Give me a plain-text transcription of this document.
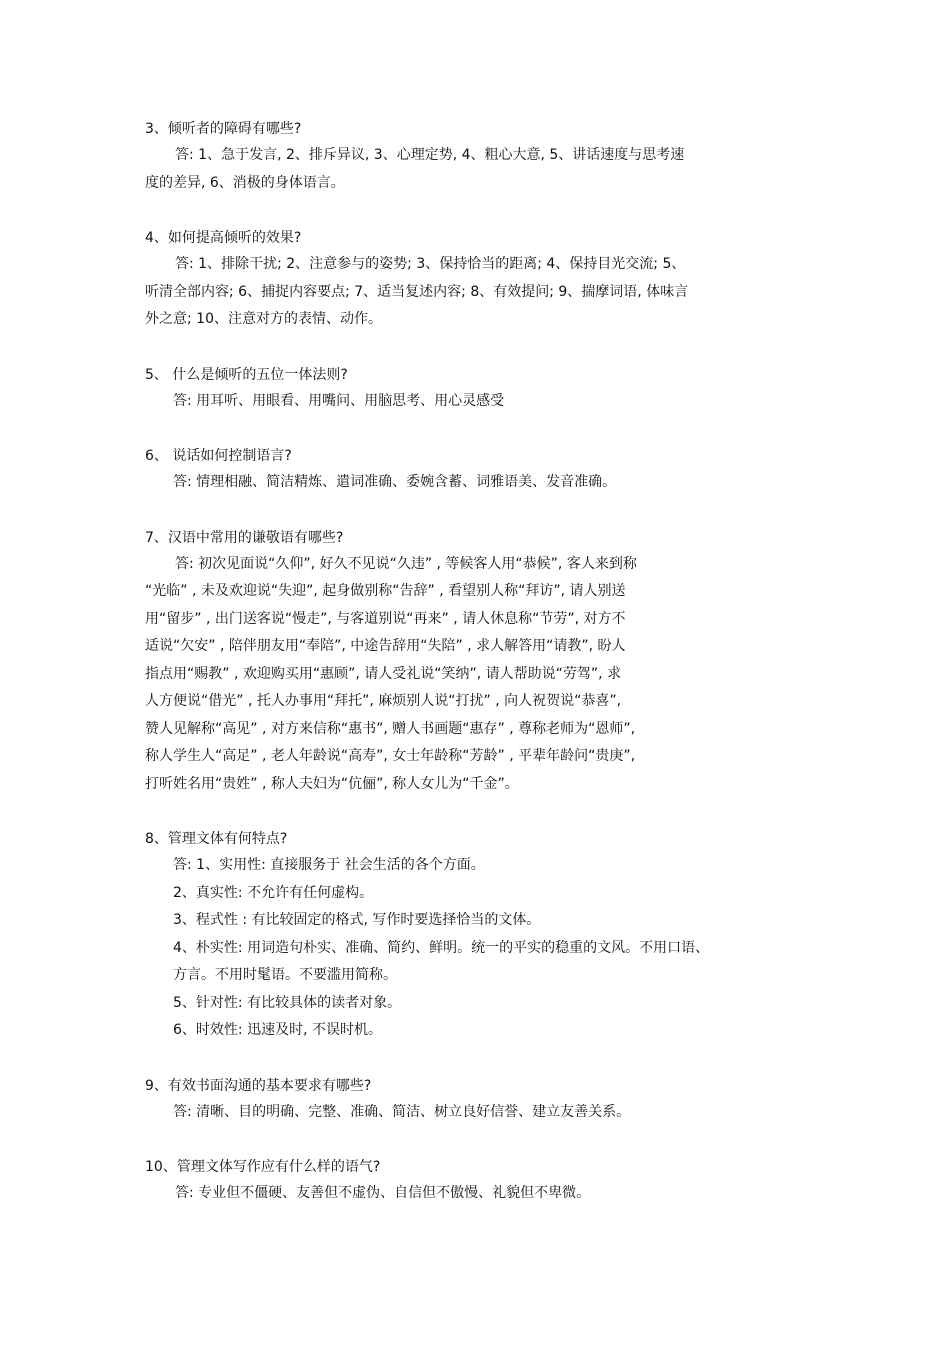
3、倾听者的障碍有哪些?

答: 1、急于发言, 2、排斥异议, 3、心理定势, 4、粗心大意, 5、讲话速度与思考速

度的差异, 6、消极的身体语言。

4、如何提高倾听的效果?

答: 1、排除干扰; 2、注意参与的姿势; 3、保持恰当的距离; 4、保持目光交流; 5、

听清全部内容; 6、捕捉内容要点; 7、适当复述内容; 8、有效提问; 9、揣摩词语, 体味言

外之意; 10、注意对方的表情、动作。

5、 什么是倾听的五位一体法则?

答: 用耳听、用眼看、用嘴问、用脑思考、用心灵感受

6、 说话如何控制语言?

答: 情理相融、简洁精炼、遣词准确、委婉含蓄、词雅语美、发音准确。

7、汉语中常用的谦敬语有哪些?

答: 初次见面说“久仰”, 好久不见说“久违” , 等候客人用“恭候”, 客人来到称

“光临” , 未及欢迎说“失迎”, 起身做别称“告辞” , 看望别人称“拜访”, 请人别送

用“留步” , 出门送客说“慢走”, 与客道别说“再来” , 请人休息称“节劳”, 对方不

适说“欠安” , 陪伴朋友用“奉陪”, 中途告辞用“失陪” , 求人解答用“请教”, 盼人

指点用“赐教” , 欢迎购买用“惠顾”, 请人受礼说“笑纳”, 请人帮助说“劳驾”, 求

人方便说“借光” , 托人办事用“拜托”, 麻烦别人说“打扰” , 向人祝贺说“恭喜”,

赞人见解称“高见” , 对方来信称“惠书”, 赠人书画题“惠存” , 尊称老师为“恩师”,

称人学生人“高足” , 老人年龄说“高寿”, 女士年龄称“芳龄” , 平辈年龄问“贵庚”,

打听姓名用“贵姓” , 称人夫妇为“伉俪”, 称人女儿为“千金”。

8、管理文体有何特点?

答: 1、实用性: 直接服务于 社会生活的各个方面。

2、真实性: 不允许有任何虚构。

3、程式性 : 有比较固定的格式, 写作时要选择恰当的文体。

4、朴实性: 用词造句朴实、准确、简约、鲜明。统一的平实的稳重的文风。不用口语、

方言。不用时髦语。不要滥用简称。

5、针对性: 有比较具体的读者对象。

6、时效性: 迅速及时, 不误时机。

9、有效书面沟通的基本要求有哪些?

答: 清晰、目的明确、完整、准确、简洁、树立良好信誉、建立友善关系。

10、管理文体写作应有什么样的语气?

答: 专业但不僵硬、友善但不虚伪、自信但不傲慢、礼貌但不卑微。
